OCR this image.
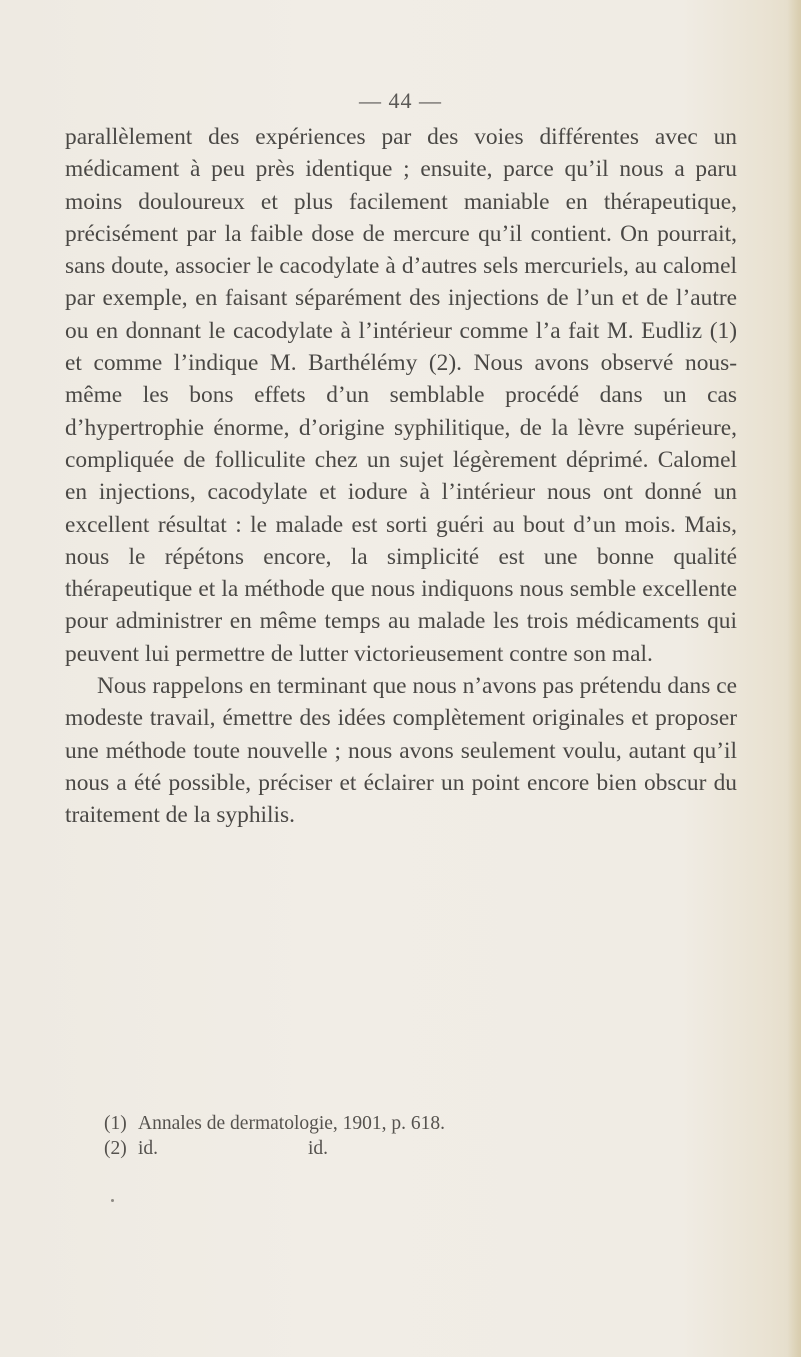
— 44 —

parallèlement des expériences par des voies différentes avec un médicament à peu près identique ; ensuite, parce qu’il nous a paru moins douloureux et plus facilement maniable en thérapeutique, précisément par la faible dose de mercure qu’il contient. On pourrait, sans doute, associer le cacodylate à d’autres sels mercuriels, au calomel par exemple, en faisant séparément des injections de l’un et de l’autre ou en donnant le cacodylate à l’intérieur comme l’a fait M. Eudliz (1) et comme l’indique M. Barthélémy (2). Nous avons observé nous-même les bons effets d’un semblable procédé dans un cas d’hypertrophie énorme, d’origine syphilitique, de la lèvre supérieure, compliquée de folliculite chez un sujet légèrement déprimé. Calomel en injections, cacodylate et iodure à l’intérieur nous ont donné un excellent résultat : le malade est sorti guéri au bout d’un mois. Mais, nous le répétons encore, la simplicité est une bonne qualité thérapeutique et la méthode que nous indiquons nous semble excellente pour administrer en même temps au malade les trois médicaments qui peuvent lui permettre de lutter victorieusement contre son mal.

Nous rappelons en terminant que nous n’avons pas prétendu dans ce modeste travail, émettre des idées complètement originales et proposer une méthode toute nouvelle ; nous avons seulement voulu, autant qu’il nous a été possible, préciser et éclairer un point encore bien obscur du traitement de la syphilis.

(1) Annales de dermatologie, 1901, p. 618.
(2) id.	id.
